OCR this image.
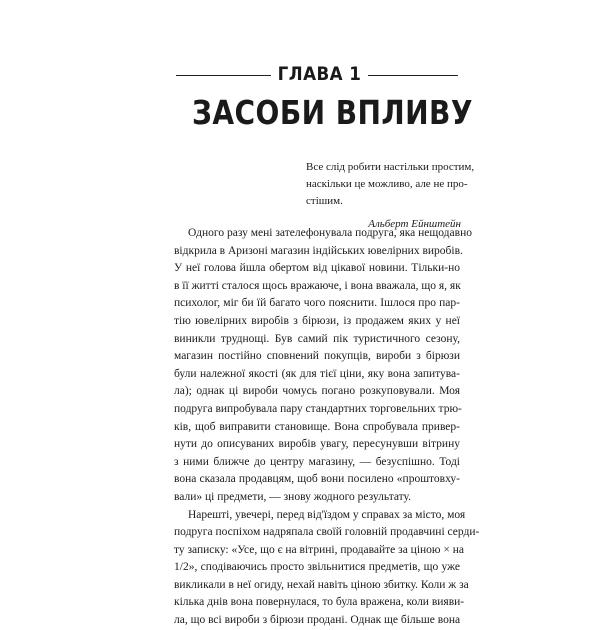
ГЛАВА 1
ЗАСОБИ ВПЛИВУ
Все слід робити настільки простим,
наскільки це можливо, але не про-
стішим.
Альберт Ейнштейн
Одного разу мені зателефонувала подруга, яка нещодавно
відкрила в Аризоні магазин індійських ювелірних виробів.
У неї голова йшла обертом від цікавої новини. Тільки-но
в її житті сталося щось вражаюче, і вона вважала, що я, як
психолог, міг би їй багато чого пояснити. Ішлося про пар-
тію ювелірних виробів з бірюзи, із продажем яких у неї
виникли труднощі. Був самий пік туристичного сезону,
магазин постійно сповнений покупців, вироби з бірюзи
були належної якості (як для тієї ціни, яку вона запитува-
ла); однак ці вироби чомусь погано розкуповували. Моя
подруга випробувала пару стандартних торговельних трю-
ків, щоб виправити становище. Вона спробувала привер-
нути до описуваних виробів увагу, пересунувши вітрину
з ними ближче до центру магазину, — безуспішно. Тоді
вона сказала продавцям, щоб вони посилено «проштовху-
вали» ці предмети, — знову жодного результату.
Нарешті, увечері, перед від'їздом у справах за місто, моя
подруга поспіхом надряпала своїй головній продавчині серди-
ту записку: «Усе, що є на вітрині, продавайте за ціною × на
1/2», сподіваючись просто звільнитися предметів, що уже
викликали в неї огиду, нехай навіть ціною збитку. Коли ж за
кілька днів вона повернулася, то була вражена, коли вияви-
ла, що всі вироби з бірюзи продані. Однак ще більше вона
